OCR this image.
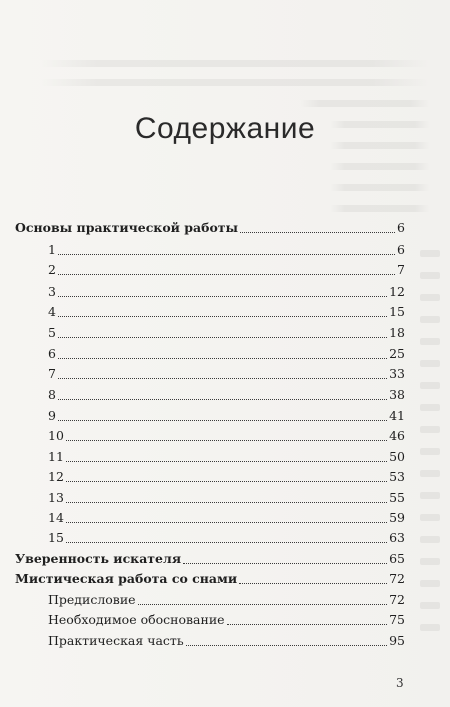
Содержание
Основы практической работы	6
1	6
2	7
3	12
4	15
5	18
6	25
7	33
8	38
9	41
10	46
11	50
12	53
13	55
14	59
15	63
Уверенность искателя	65
Мистическая работа со снами	72
Предисловие	72
Необходимое обоснование	75
Практическая часть	95
3
